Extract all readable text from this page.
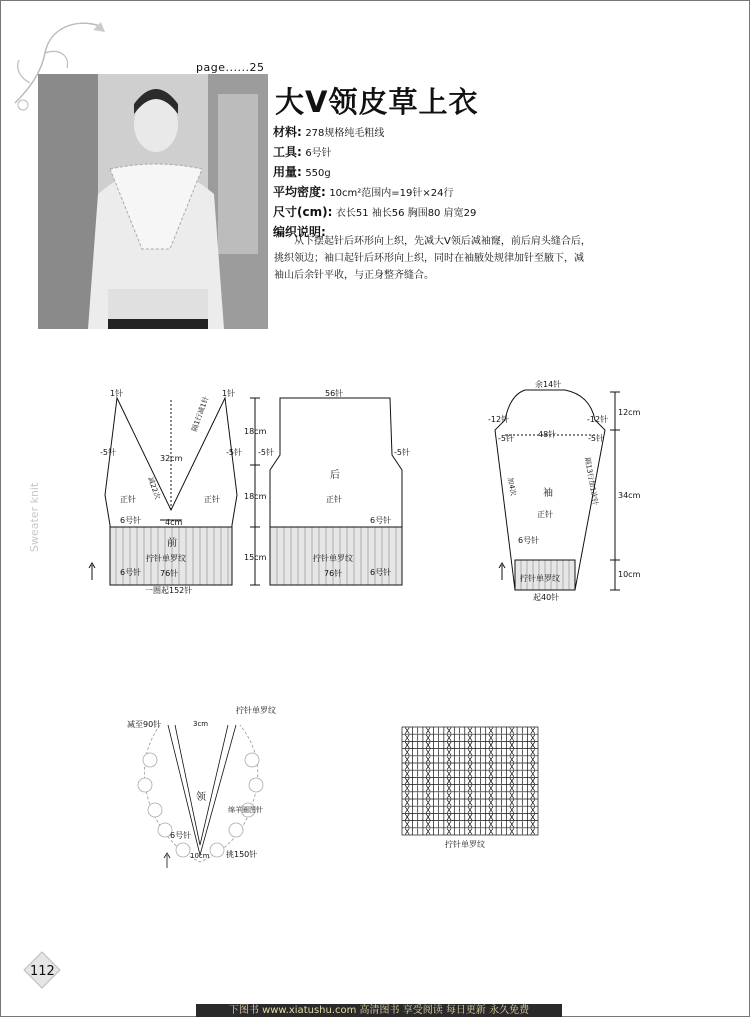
page......25
大V领皮草上衣
材料: 278规格纯毛粗线
工具: 6号针
用量: 550g
平均密度: 10cm²范围内=19针×24行
尺寸(cm): 衣长51 袖长56 胸围80 肩宽29
编织说明:
从下摆起针后环形向上织，先减大V领后减袖窿，前后肩头缝合后，
挑织领边；袖口起针后环形向上织，同时在袖腋处规律加针至腋下，减
袖山后余针平收，与正身整齐缝合。
Sweater knit
1针	1针
-5针	-5针
32cm
4cm
正针	正针
6号针
前
拧针单罗纹
6号针 76针
一圈起152针
18cm
18cm
15cm
减22次
隔1行减1针
56针
-5针	-5针
后
正针
6号针
拧针单罗纹
6号针
76针
余14针
-12针	-12针
-5针	-5针
48针
袖
正针
6号针
拧针单罗纹
起40针
12cm
34cm
10cm
加4次	隔13行加1次针
减至90针	3cm
拧针单罗纹
领
绵羊圈图针
6号针
10cm 挑150针
拧针单罗纹
112
下图书 www.xiatushu.com 高清图书 享受阅读 每日更新 永久免费
